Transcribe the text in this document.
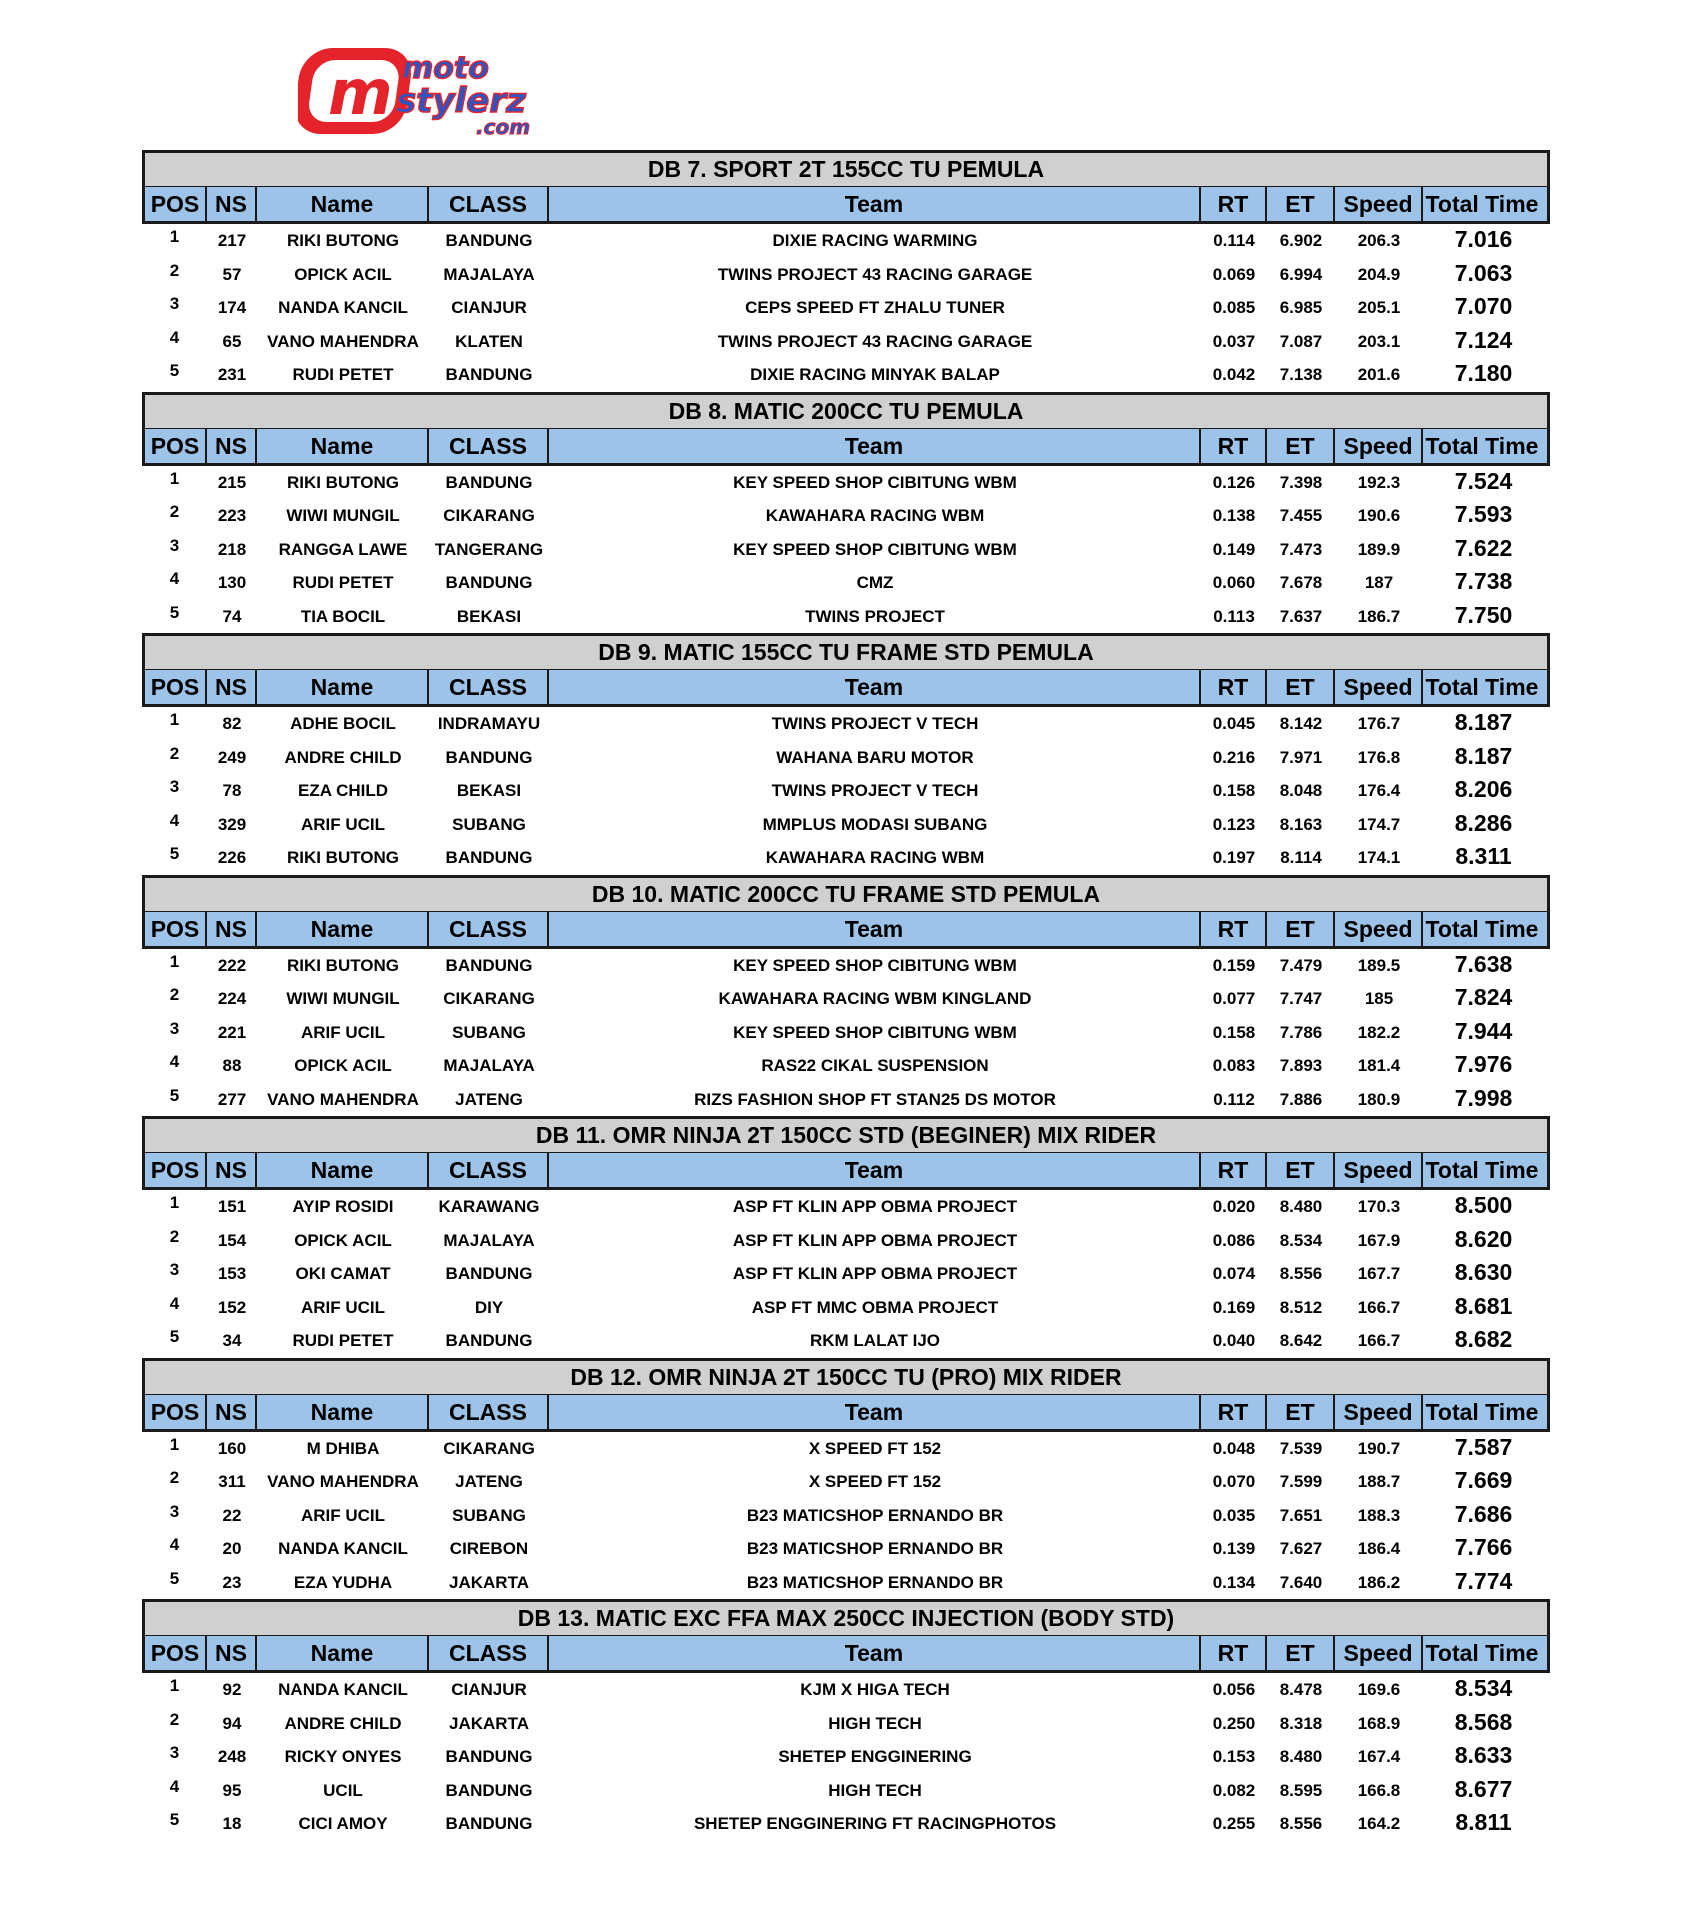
m moto
stylerz
.com
DB 7. SPORT 2T 155CC TU PEMULA
POS NS	Name	CLASS	Team	RT	ET	Speed Total Time
1	217	RIKI BUTONG	BANDUNG	DIXIE RACING WARMING	0.114	6.902	206.3	7.016
2	57	OPICK ACIL	MAJALAYA	TWINS PROJECT 43 RACING GARAGE	0.069	6.994	204.9	7.063
3	174	NANDA KANCIL	CIANJUR	CEPS SPEED FT ZHALU TUNER	0.085	6.985	205.1	7.070
4	65	VANO MAHENDRA	KLATEN	TWINS PROJECT 43 RACING GARAGE	0.037	7.087	203.1	7.124
5	231	RUDI PETET	BANDUNG	DIXIE RACING MINYAK BALAP	0.042	7.138	201.6	7.180
DB 8. MATIC 200CC TU PEMULA
POS NS	Name	CLASS	Team	RT	ET	Speed Total Time
1	215	RIKI BUTONG	BANDUNG	KEY SPEED SHOP CIBITUNG WBM	0.126	7.398	192.3	7.524
2	223	WIWI MUNGIL	CIKARANG	KAWAHARA RACING WBM	0.138	7.455	190.6	7.593
3	218	RANGGA LAWE	TANGERANG	KEY SPEED SHOP CIBITUNG WBM	0.149	7.473	189.9	7.622
4	130	RUDI PETET	BANDUNG	CMZ	0.060	7.678	187	7.738
5	74	TIA BOCIL	BEKASI	TWINS PROJECT	0.113	7.637	186.7	7.750
DB 9. MATIC 155CC TU FRAME STD PEMULA
POS NS	Name	CLASS	Team	RT	ET	Speed Total Time
1	82	ADHE BOCIL	INDRAMAYU	TWINS PROJECT V TECH	0.045	8.142	176.7	8.187
2	249	ANDRE CHILD	BANDUNG	WAHANA BARU MOTOR	0.216	7.971	176.8	8.187
3	78	EZA CHILD	BEKASI	TWINS PROJECT V TECH	0.158	8.048	176.4	8.206
4	329	ARIF UCIL	SUBANG	MMPLUS MODASI SUBANG	0.123	8.163	174.7	8.286
5	226	RIKI BUTONG	BANDUNG	KAWAHARA RACING WBM	0.197	8.114	174.1	8.311
DB 10. MATIC 200CC TU FRAME STD PEMULA
POS NS	Name	CLASS	Team	RT	ET	Speed Total Time
1	222	RIKI BUTONG	BANDUNG	KEY SPEED SHOP CIBITUNG WBM	0.159	7.479	189.5	7.638
2	224	WIWI MUNGIL	CIKARANG	KAWAHARA RACING WBM KINGLAND	0.077	7.747	185	7.824
3	221	ARIF UCIL	SUBANG	KEY SPEED SHOP CIBITUNG WBM	0.158	7.786	182.2	7.944
4	88	OPICK ACIL	MAJALAYA	RAS22 CIKAL SUSPENSION	0.083	7.893	181.4	7.976
5	277	VANO MAHENDRA	JATENG	RIZS FASHION SHOP FT STAN25 DS MOTOR	0.112	7.886	180.9	7.998
DB 11. OMR NINJA 2T 150CC STD (BEGINER) MIX RIDER
POS NS	Name	CLASS	Team	RT	ET	Speed Total Time
1	151	AYIP ROSIDI	KARAWANG	ASP FT KLIN APP OBMA PROJECT	0.020	8.480	170.3	8.500
2	154	OPICK ACIL	MAJALAYA	ASP FT KLIN APP OBMA PROJECT	0.086	8.534	167.9	8.620
3	153	OKI CAMAT	BANDUNG	ASP FT KLIN APP OBMA PROJECT	0.074	8.556	167.7	8.630
4	152	ARIF UCIL	DIY	ASP FT MMC OBMA PROJECT	0.169	8.512	166.7	8.681
5	34	RUDI PETET	BANDUNG	RKM LALAT IJO	0.040	8.642	166.7	8.682
DB 12. OMR NINJA 2T 150CC TU (PRO) MIX RIDER
POS NS	Name	CLASS	Team	RT	ET	Speed Total Time
1	160	M DHIBA	CIKARANG	X SPEED FT 152	0.048	7.539	190.7	7.587
2	311	VANO MAHENDRA	JATENG	X SPEED FT 152	0.070	7.599	188.7	7.669
3	22	ARIF UCIL	SUBANG	B23 MATICSHOP ERNANDO BR	0.035	7.651	188.3	7.686
4	20	NANDA KANCIL	CIREBON	B23 MATICSHOP ERNANDO BR	0.139	7.627	186.4	7.766
5	23	EZA YUDHA	JAKARTA	B23 MATICSHOP ERNANDO BR	0.134	7.640	186.2	7.774
DB 13. MATIC EXC FFA MAX 250CC INJECTION (BODY STD)
POS NS	Name	CLASS	Team	RT	ET	Speed Total Time
1	92	NANDA KANCIL	CIANJUR	KJM X HIGA TECH	0.056	8.478	169.6	8.534
2	94	ANDRE CHILD	JAKARTA	HIGH TECH	0.250	8.318	168.9	8.568
3	248	RICKY ONYES	BANDUNG	SHETEP ENGGINERING	0.153	8.480	167.4	8.633
4	95	UCIL	BANDUNG	HIGH TECH	0.082	8.595	166.8	8.677
5	18	CICI AMOY	BANDUNG	SHETEP ENGGINERING FT RACINGPHOTOS	0.255	8.556	164.2	8.811
